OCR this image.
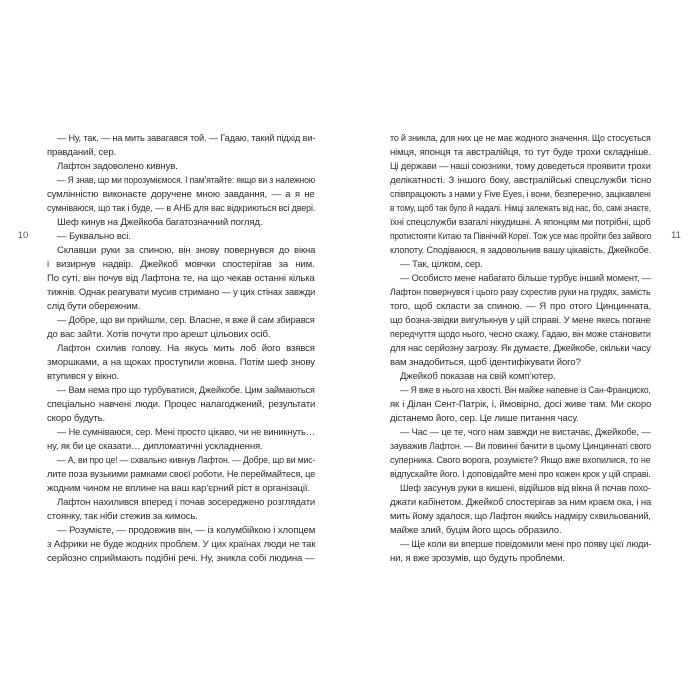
10
— Ну, так, — на мить завагався той. — Гадаю, такий підхід ви-
правданий, сер.
Лафтон задоволено кивнув.
— Я знав, що ми порозуміємося. І пам’ятайте: якщо ви з належною
сумлінністю виконаєте доручене мною завдання, — а я не
сумніваюся, що так і буде, — в АНБ для вас відкриються всі двері.
Шеф кинув на Джейкоба багатозначний погляд.
— Буквально всі.
Склавши руки за спиною, він знову повернувся до вікна
і визирнув надвір. Джейкоб мовчки спостерігав за ним.
По суті, він почув від Лафтона те, на що чекав останні кілька
тижнів. Однак реагувати мусив стримано — у цих стінах завжди
слід бути обережним.
— Добре, що ви прийшли, сер. Власне, я вже й сам збирався
до вас зайти. Хотів почути про арешт цільових осіб.
Лафтон схилив голову. На якусь мить лоб його взявся
зморшками, а на щоках проступили жовна. Потім шеф знову
втупився у вікно.
— Вам нема про що турбуватися, Джейкобе. Цим займаються
спеціально навчені люди. Процес налагоджений, результати
скоро будуть.
— Не сумніваюся, сер. Мені просто цікаво, чи не виникнуть…
ну, як би це сказати… дипломатичні ускладнення.
— А, ви про це! — схвально кивнув Лафтон. — Добре, що ви мис-
лите поза вузькими рамками своєї роботи. Не переймайтеся, це
жодним чином не вплине на ваш кар’єрний ріст в організації.
Лафтон нахилився вперед і почав зосереджено розглядати
стоянку, так ніби стежив за кимось.
— Розумієте, — продовжив він, — із колумбійкою і хлопцем
з Африки не буде жодних проблем. У цих країнах люди не так
серйозно сприймають подібні речі. Ну, зникла собі людина —
то й зникла, для них це не має жодного значення. Що стосується
німця, японця та австралійця, то тут буде трохи складніше.
Ці держави — наші союзники, тому доведеться проявити трохи
делікатності. З іншого боку, австралійські спецслужби тісно
співпрацюють з нами у Five Eyes, і вони, безперечно, зацікавлені
в тому, щоб так було й надалі. Німці залежать від нас, бо, самі знаєте,
їхні спецслужби взагалі нікудишні. А японцям ми потрібні, щоб
протистояти Китаю та Північній Кореї. Тож усе має пройти без зайвого
клопоту. Сподіваюся, я задовольнив вашу цікавість, Джейкобе.
— Так, цілком, сер.
— Особисто мене набагато більше турбує інший момент, —
Лафтон повернувся і цього разу схрестив руки на грудях, замість
того, щоб скласти за спиною. — Я про отого Цинцинната,
що бозна-звідки вигулькнув у цій справі. У мене якесь погане
передчуття щодо нього, чесно скажу. Гадаю, він може становити
для нас серйозну загрозу. Як думаєте, Джейкобе, скільки часу
вам знадобиться, щоб ідентифікувати його?
Джейкоб показав на свій комп’ютер.
— Я вже в нього на хвості. Він майже напевне із Сан-Франциско,
як і Ділан Сент-Патрік, і, ймовірно, досі живе там. Ми скоро
дістанемо його, сер. Це лише питання часу.
— Час — це те, чого нам завжди не вистачає, Джейкобе, —
зауважив Лафтон. — Ви повинні бачити в цьому Цинциннаті свого
суперника. Свого ворога, розумієте? Якщо вже вхопилися, то не
відпускайте його. І доповідайте мені про кожен крок у цій справі.
Шеф засунув руки в кишені, відійшов від вікна й почав похо-
джати кабінетом. Джейкоб спостерігав за ним краєм ока, і на
мить йому здалося, що Лафтон якийсь надміру схвильований,
майже злий, буцім його щось образило.
— Ще коли ви вперше повідомили мені про появу цієї люди-
ни, я вже зрозумів, що будуть проблеми.
11
